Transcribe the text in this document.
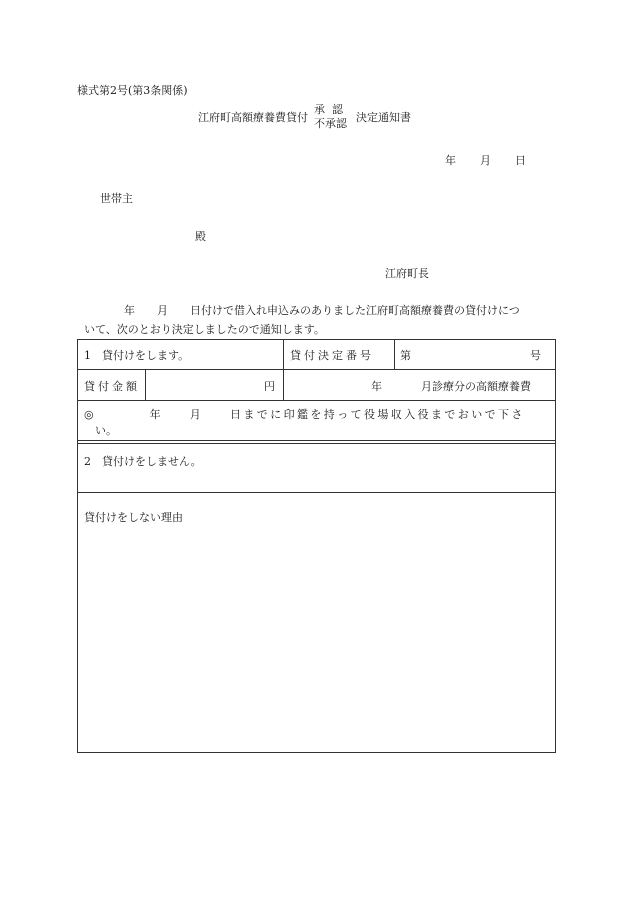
様式第2号(第3条関係)
江府町高額療養費貸付
承認
不承認 決定通知書
年 月 日
世帯主
殿
江府町長
年　　月　　日付けで借入れ申込みのありました江府町高額療養費の貸付けにつ
いて、次のとおり決定しましたので通知します。
1　貸付けをします。	貸付決定番号 第	号
貸付金額	円	年	月診療分の高額療養費
◎　　　　年　　月　　日までに印鑑を持って役場収入役までおいで下さ
い。
2　貸付けをしません。
貸付けをしない理由
